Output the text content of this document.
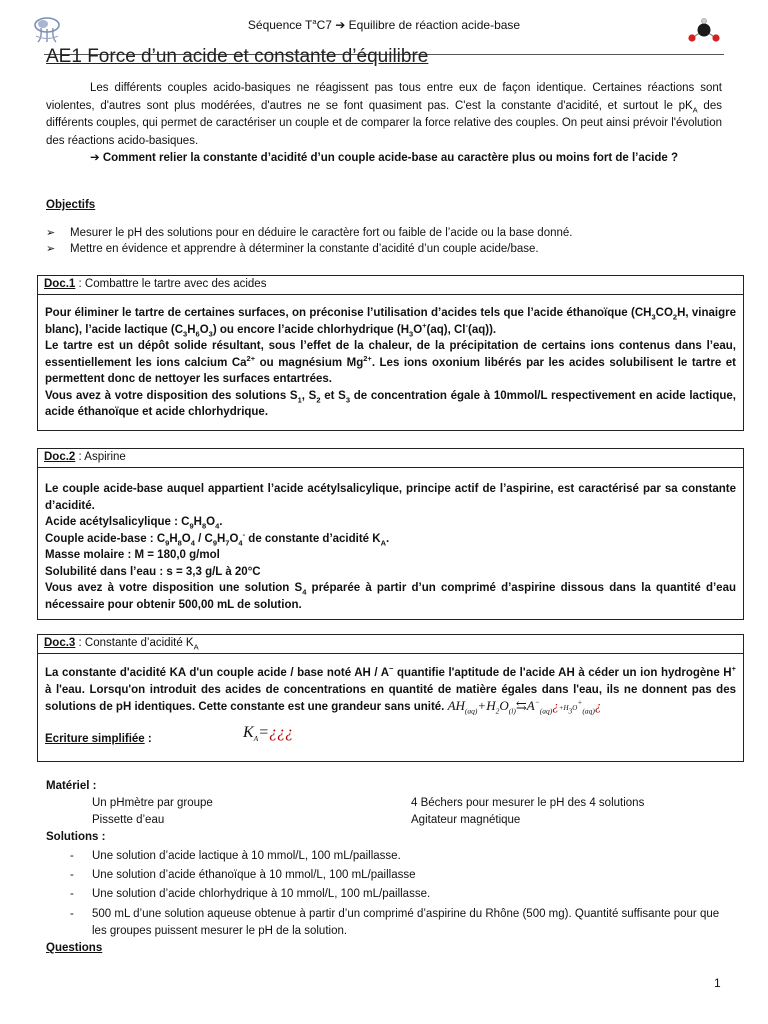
Séquence $T^aC7$ ➔ Equilibre de réaction acide-base
AE1 Force d’un acide et constante d’équilibre

Les différents couples acido-basiques ne réagissent pas tous entre eux de façon identique. Certaines réactions sont violentes, d'autres sont plus modérées, d'autres ne se font quasiment pas. C'est la constante d'acidité, et surtout le $pK_A$ des différents couples, qui permet de caractériser un couple et de comparer la force relative des couples. On peut ainsi prévoir l'évolution des réactions acido-basiques.

➔ Comment relier la constante d’acidité d’un couple acide-base au caractère plus ou moins fort de l’acide ?

Objectifs
➢ Mesurer le pH des solutions pour en déduire le caractère fort ou faible de l’acide ou la base donné.
➢ Mettre en évidence et apprendre à déterminer la constante d’acidité d’un couple acide/base.
Doc.1 : Combattre le tartre avec des acides

Pour éliminer le tartre de certaines surfaces, on préconise l’utilisation d’acides tels que l’acide éthanoïque ($CH_3CO_2H$, vinaigre blanc), l’acide lactique $(C_3H_6O_3)$ ou encore l’acide chlorhydrique ($H_3O^+(aq)$, Cl-(aq)).

Le tartre est un dépôt solide résultant, sous l’effet de la chaleur, de la précipitation de certains ions contenus dans l’eau, essentiellement les ions calcium $Ca^{2+}$ ou magnésium $Mg^{2+}$. Les ions oxonium libérés par les acides solubilisent le tartre et permettent donc de nettoyer les surfaces entartrées.

Vous avez à votre disposition des solutions $S_1$, $S_2$ et $S_3$ de concentration égale à 10mmol/L respectivement en acide lactique, acide éthanoïque et acide chlorhydrique.

Doc.2 : Aspirine

Le couple acide-base auquel appartient l’acide acétylsalicylique, principe actif de l’aspirine, est caractérisé par sa constante d’acidité.

Acide acétylsalicylique : $C_9H_8O_4$.

Couple acide-base : $C_9H_8O_4 / C_9H_7O_4^-$ de constante d’acidité $K_A$.

Masse molaire : M = 180,0 g/mol

Solubilité dans l’eau : s = 3,3 g/L à 20°C

Vous avez à votre disposition une solution $S_4$ préparée à partir d’un comprimé d’aspirine dissous dans la quantité d’eau nécessaire pour obtenir 500,00 mL de solution.

Doc.3 : Constante d’acidité $K_A$

La constante d'acidité KA d'un couple acide / base noté AH / A− quantifie l'aptitude de l'acide AH à céder un ion hydrogène H+ à l'eau. Lorsqu'on introduit des acides de concentrations en quantité de matière égales dans l'eau, ils ne donnent pas des solutions de pH identiques. Cette constante est une grandeur sans unité. $AH_{(aq)}+H_2O_{(l)}⇆A^-_{(aq)}¿+H_3O^+_{(aq)}¿$

Ecriture simplifiée :	$K_A=¿¿¿$
Matériel :
Un pHmètre par groupe	4 Béchers pour mesurer le pH des 4 solutions
Pissette d’eau	Agitateur magnétique
Solutions :
- Une solution d’acide lactique à 10 mmol/L, 100 mL/paillasse.
- Une solution d’acide éthanoïque à 10 mmol/L, 100 mL/paillasse
- Une solution d’acide chlorhydrique à 10 mmol/L, 100 mL/paillasse.
- 500 mL d’une solution aqueuse obtenue à partir d’un comprimé d’aspirine du Rhône (500 mg). Quantité suffisante pour que les groupes puissent mesurer le pH de la solution.
Questions
1
